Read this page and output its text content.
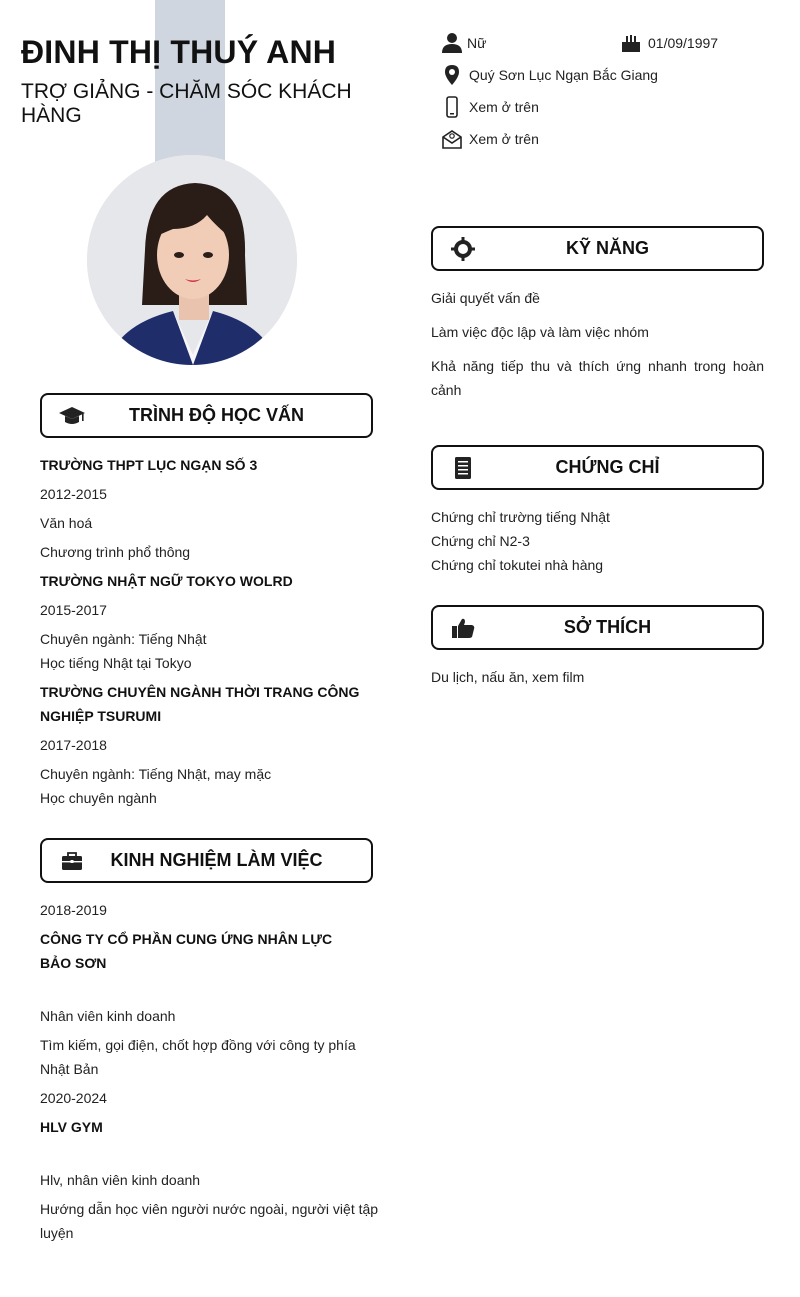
ĐINH THỊ THUÝ ANH
TRỢ GIẢNG - CHĂM SÓC KHÁCH HÀNG
Nữ	01/09/1997
Quý Sơn Lục Ngạn Bắc Giang
Xem ở trên
Xem ở trên
TRÌNH ĐỘ HỌC VẤN
TRƯỜNG THPT LỤC NGẠN SỐ 3
2012-2015
Văn hoá
Chương trình phổ thông
TRƯỜNG NHẬT NGỮ TOKYO WOLRD
2015-2017
Chuyên ngành: Tiếng Nhật
Học tiếng Nhật tại Tokyo
TRƯỜNG CHUYÊN NGÀNH THỜI TRANG CÔNG NGHIỆP TSURUMI
2017-2018
Chuyên ngành: Tiếng Nhật, may mặc
Học chuyên ngành
KINH NGHIỆM LÀM VIỆC
2018-2019
CÔNG TY CỔ PHẦN CUNG ỨNG NHÂN LỰC BẢO SƠN
Nhân viên kinh doanh
Tìm kiếm, gọi điện, chốt hợp đồng với công ty phía Nhật Bản
2020-2024
HLV GYM
Hlv, nhân viên kinh doanh
Hướng dẫn học viên người nước ngoài, người việt tập luyện
KỸ NĂNG
Giải quyết vấn đề
Làm việc độc lập và làm việc nhóm
Khả năng tiếp thu và thích ứng nhanh trong hoàn cảnh
CHỨNG CHỈ
Chứng chỉ trường tiếng Nhật
Chứng chỉ N2-3
Chứng chỉ tokutei nhà hàng
SỞ THÍCH
Du lịch, nấu ăn, xem film
